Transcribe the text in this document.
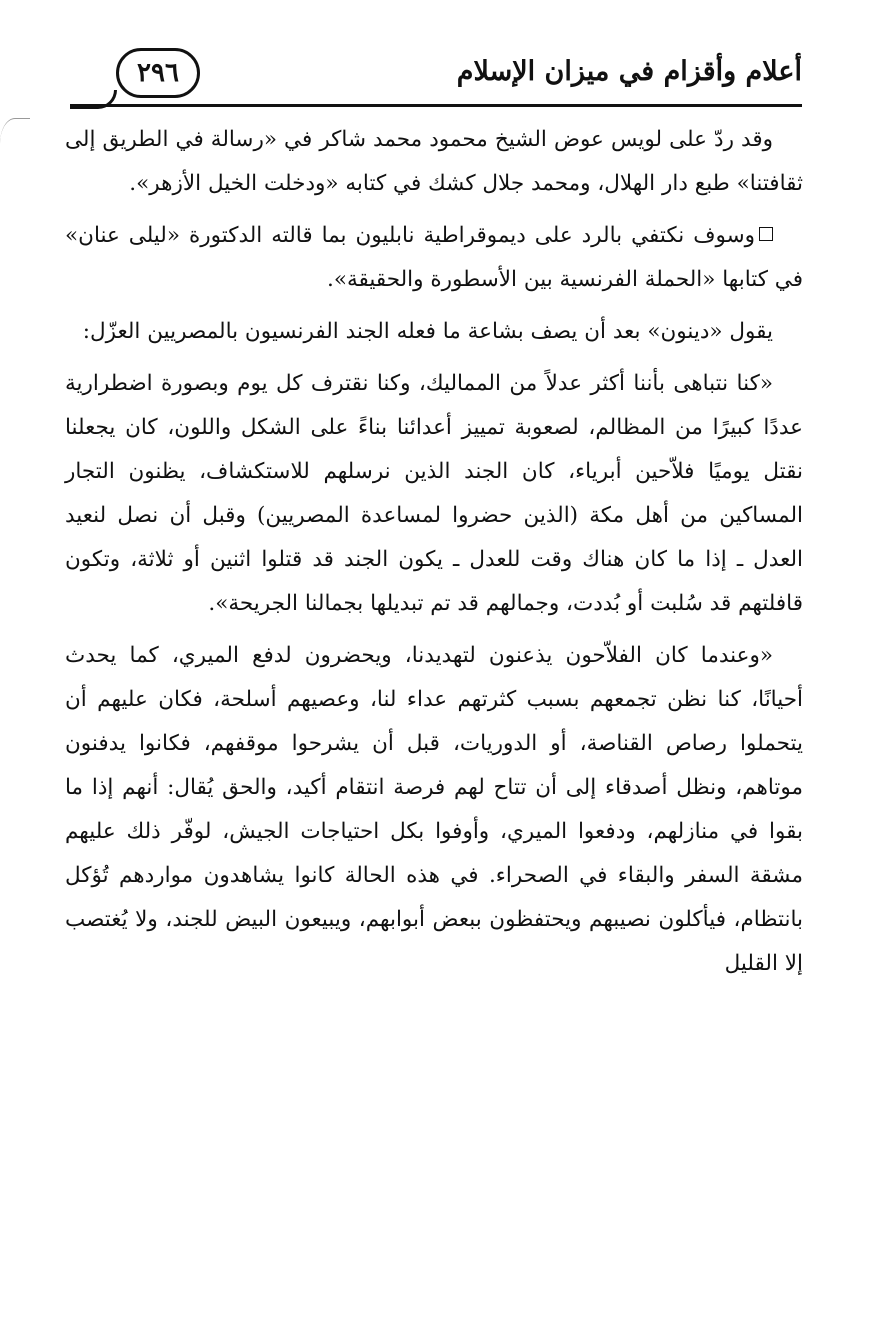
٢٩٦	أعلام وأقزام في ميزان الإسلام

وقد ردّ على لويس عوض الشيخ محمود محمد شاكر في «رسالة في الطريق إلى ثقافتنا» طبع دار الهلال، ومحمد جلال كشك في كتابه «ودخلت الخيل الأزهر».

وسوف نكتفي بالرد على ديموقراطية نابليون بما قالته الدكتورة «ليلى عنان» في كتابها «الحملة الفرنسية بين الأسطورة والحقيقة».

يقول «دينون» بعد أن يصف بشاعة ما فعله الجند الفرنسيون بالمصريين العزّل:

«كنا نتباهى بأننا أكثر عدلاً من المماليك، وكنا نقترف كل يوم وبصورة اضطرارية عددًا كبيرًا من المظالم، لصعوبة تمييز أعدائنا بناءً على الشكل واللون، كان يجعلنا نقتل يوميًا فلاّحين أبرياء، كان الجند الذين نرسلهم للاستكشاف، يظنون التجار المساكين من أهل مكة (الذين حضروا لمساعدة المصريين) وقبل أن نصل لنعيد العدل ـ إذا ما كان هناك وقت للعدل ـ يكون الجند قد قتلوا اثنين أو ثلاثة، وتكون قافلتهم قد سُلبت أو بُددت، وجمالهم قد تم تبديلها بجمالنا الجريحة».

«وعندما كان الفلاّحون يذعنون لتهديدنا، ويحضرون لدفع الميري، كما يحدث أحيانًا، كنا نظن تجمعهم بسبب كثرتهم عداء لنا، وعصيهم أسلحة، فكان عليهم أن يتحملوا رصاص القناصة، أو الدوريات، قبل أن يشرحوا موقفهم، فكانوا يدفنون موتاهم، ونظل أصدقاء إلى أن تتاح لهم فرصة انتقام أكيد، والحق يُقال: أنهم إذا ما بقوا في منازلهم، ودفعوا الميري، وأوفوا بكل احتياجات الجيش، لوفّر ذلك عليهم مشقة السفر والبقاء في الصحراء. في هذه الحالة كانوا يشاهدون مواردهم تُؤكل بانتظام، فيأكلون نصيبهم ويحتفظون ببعض أبوابهم، ويبيعون البيض للجند، ولا يُغتصب إلا القليل
